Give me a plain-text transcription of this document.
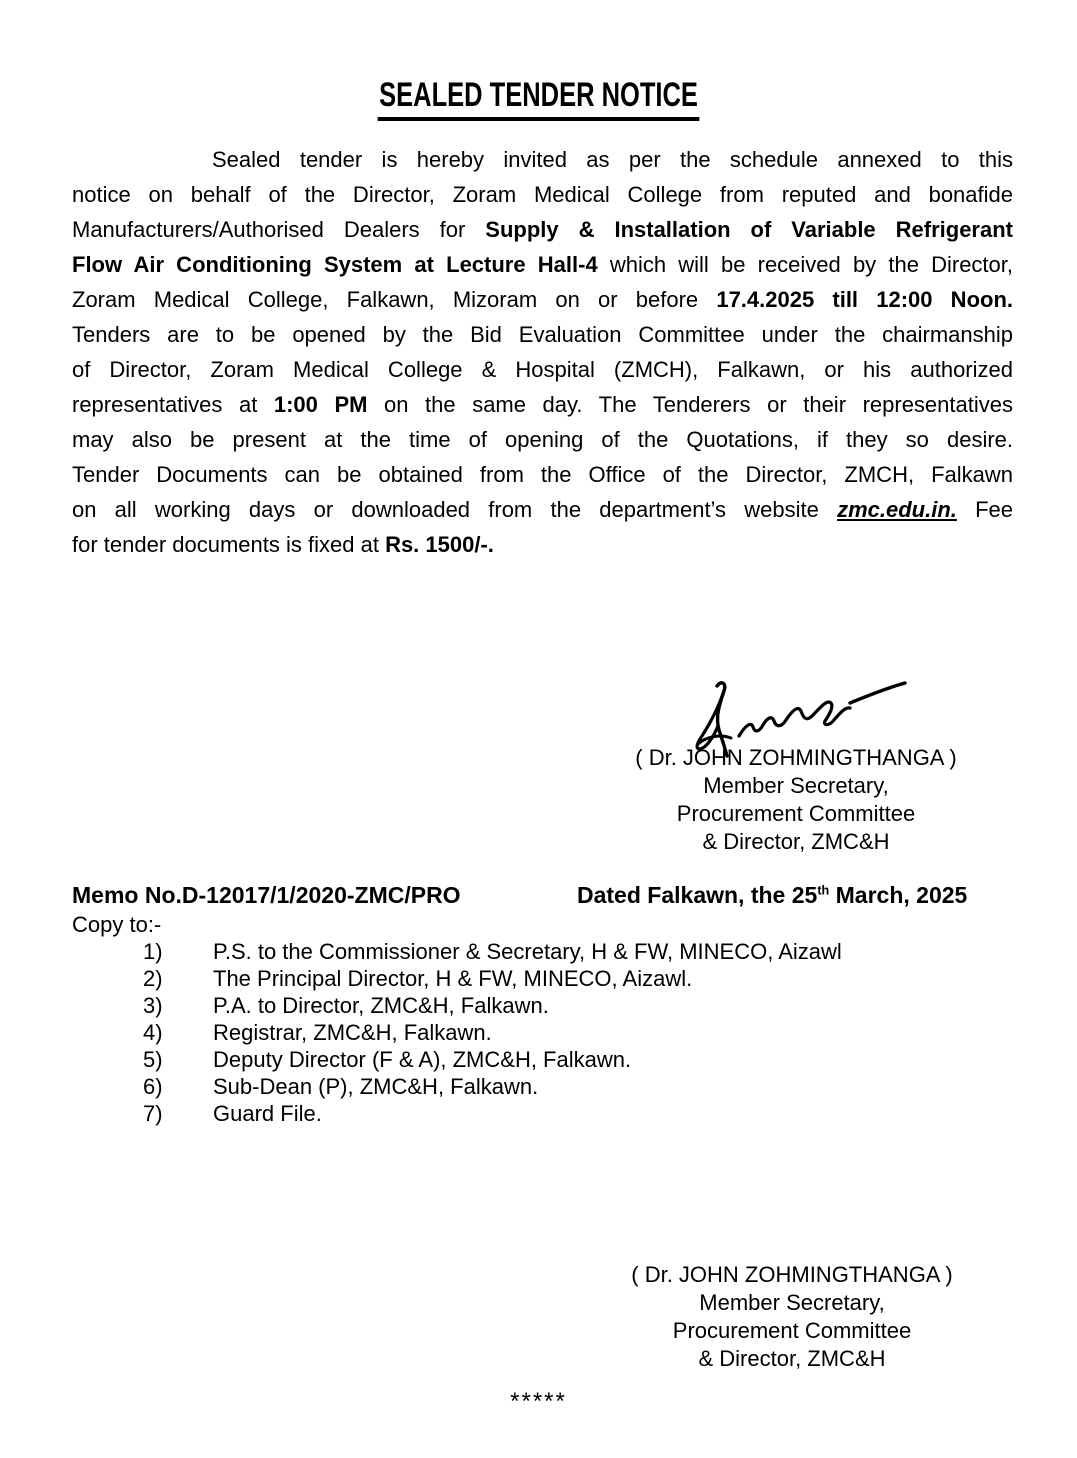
SEALED TENDER NOTICE
Sealed tender is hereby invited as per the schedule annexed to this
notice on behalf of the Director, Zoram Medical College from reputed and bonafide
Manufacturers/Authorised Dealers for Supply & Installation of Variable Refrigerant
Flow Air Conditioning System at Lecture Hall-4 which will be received by the Director,
Zoram Medical College, Falkawn, Mizoram on or before 17.4.2025 till 12:00 Noon.
Tenders are to be opened by the Bid Evaluation Committee under the chairmanship
of Director, Zoram Medical College & Hospital (ZMCH), Falkawn, or his authorized
representatives at 1:00 PM on the same day. The Tenderers or their representatives
may also be present at the time of opening of the Quotations, if they so desire.
Tender Documents can be obtained from the Office of the Director, ZMCH, Falkawn
on all working days or downloaded from the department’s website zmc.edu.in. Fee
for tender documents is fixed at Rs. 1500/-.
( Dr. JOHN ZOHMINGTHANGA )
Member Secretary,
Procurement Committee
& Director, ZMC&H
Memo No.D-12017/1/2020-ZMC/PRO	Dated Falkawn, the 25th March, 2025
Copy to:-
1) P.S. to the Commissioner & Secretary, H & FW, MINECO, Aizawl
2) The Principal Director, H & FW, MINECO, Aizawl.
3) P.A. to Director, ZMC&H, Falkawn.
4) Registrar, ZMC&H, Falkawn.
5) Deputy Director (F & A), ZMC&H, Falkawn.
6) Sub-Dean (P), ZMC&H, Falkawn.
7) Guard File.
( Dr. JOHN ZOHMINGTHANGA )
Member Secretary,
Procurement Committee
& Director, ZMC&H
*****
